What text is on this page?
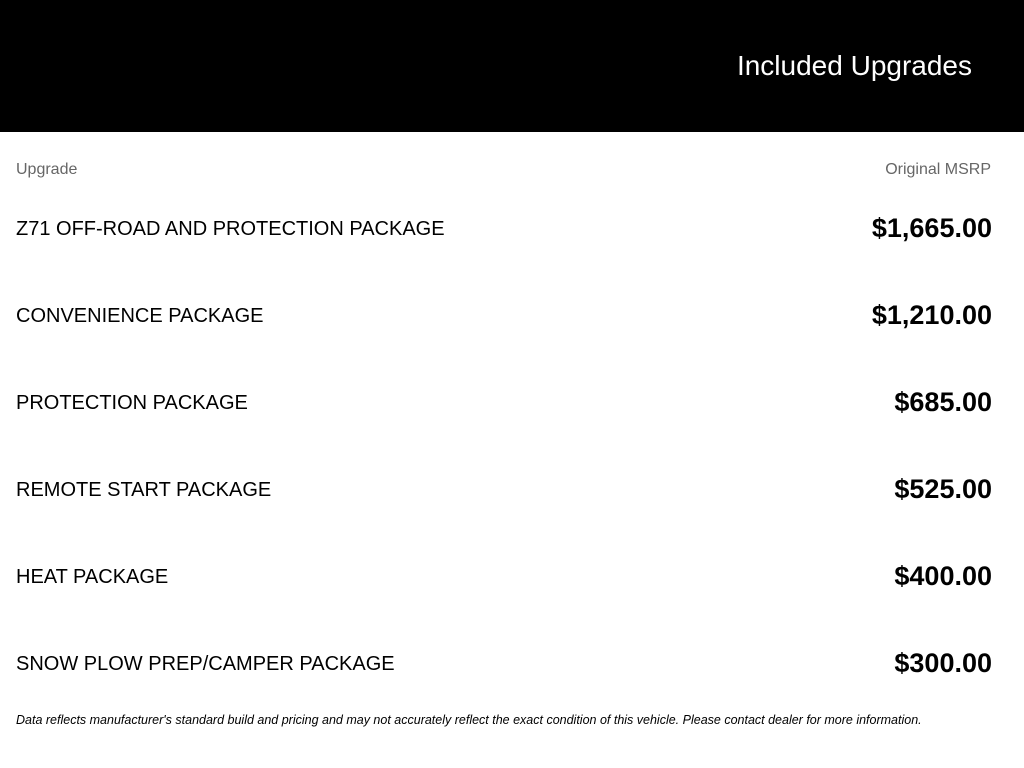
Included Upgrades
Upgrade	Original MSRP
Z71 OFF-ROAD AND PROTECTION PACKAGE	$1,665.00
CONVENIENCE PACKAGE	$1,210.00
PROTECTION PACKAGE	$685.00
REMOTE START PACKAGE	$525.00
HEAT PACKAGE	$400.00
SNOW PLOW PREP/CAMPER PACKAGE	$300.00
Data reflects manufacturer's standard build and pricing and may not accurately reflect the exact condition of this vehicle. Please contact dealer for more information.
